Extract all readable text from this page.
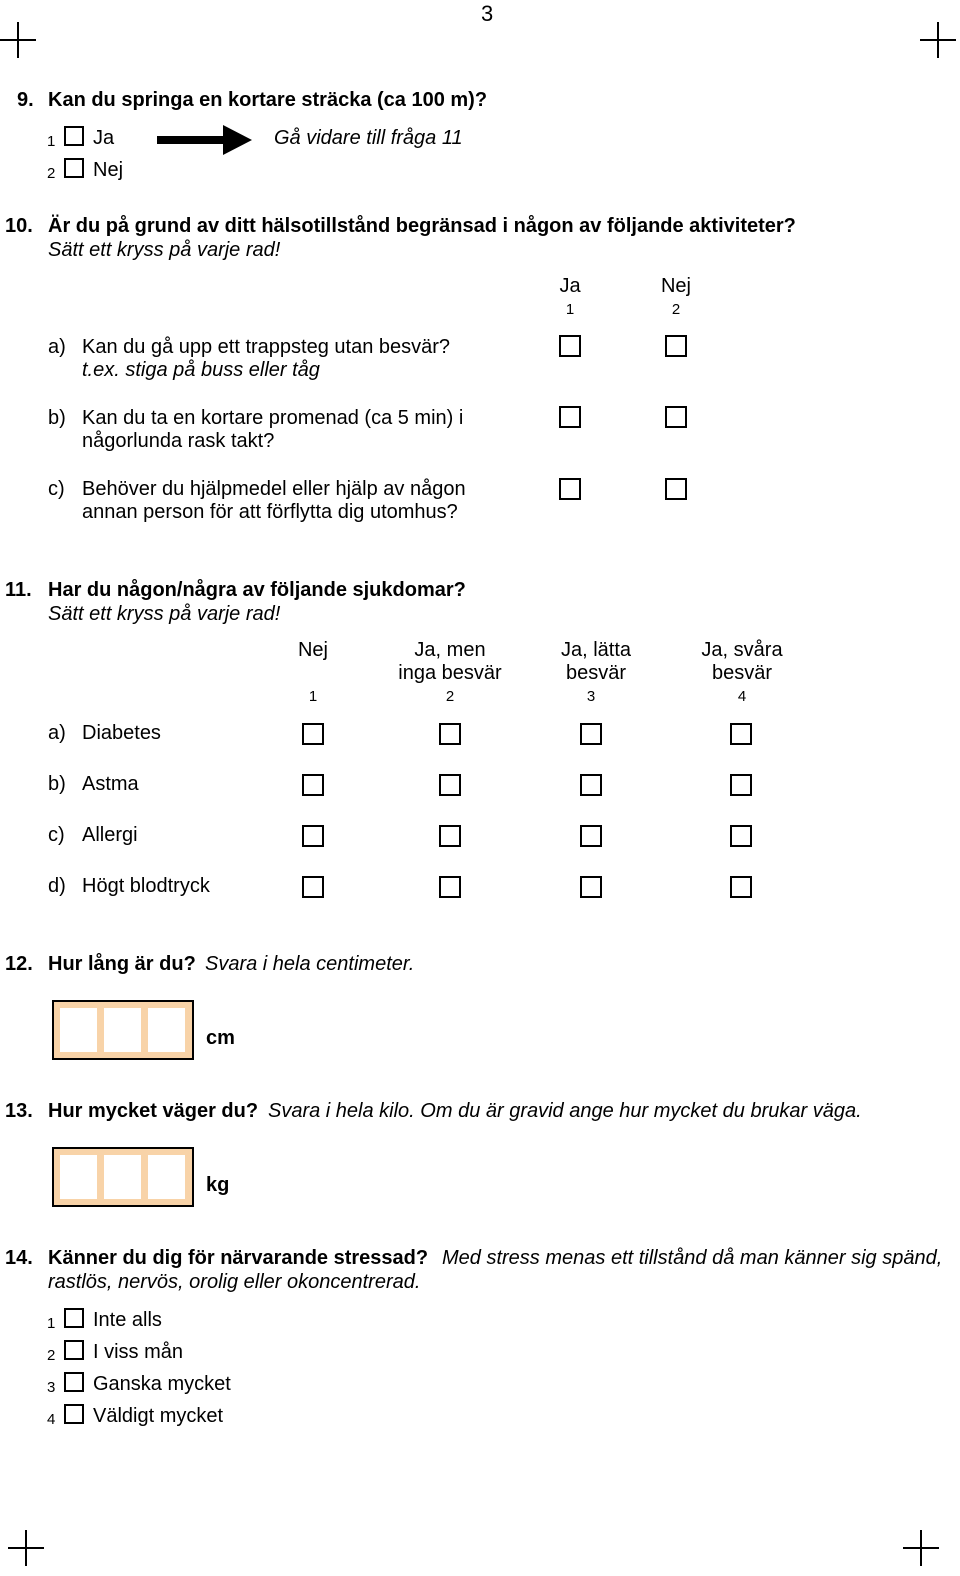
3
9. Kan du springa en kortare sträcka (ca 100 m)?
1 Ja	Gå vidare till fråga 11
2 Nej
10. Är du på grund av ditt hälsotillstånd begränsad i någon av följande aktiviteter?
Sätt ett kryss på varje rad!
Ja
1
Nej
2
a) Kan du gå upp ett trappsteg utan besvär?
t.ex. stiga på buss eller tåg
b) Kan du ta en kortare promenad (ca 5 min) i
någorlunda rask takt?
c) Behöver du hjälpmedel eller hjälp av någon
annan person för att förflytta dig utomhus?
11. Har du någon/några av följande sjukdomar?
Sätt ett kryss på varje rad!
Nej
1
Ja, men
inga besvär
2
Ja, lätta
besvär
3
Ja, svåra
besvär
4
a) Diabetes
b) Astma
c) Allergi
d) Högt blodtryck
12. Hur lång är du? Svara i hela centimeter.
cm
13. Hur mycket väger du? Svara i hela kilo. Om du är gravid ange hur mycket du brukar väga.
kg
14. Känner du dig för närvarande stressad? Med stress menas ett tillstånd då man känner sig spänd,
rastlös, nervös, orolig eller okoncentrerad.
1 Inte alls
2 I viss mån
3 Ganska mycket
4 Väldigt mycket
